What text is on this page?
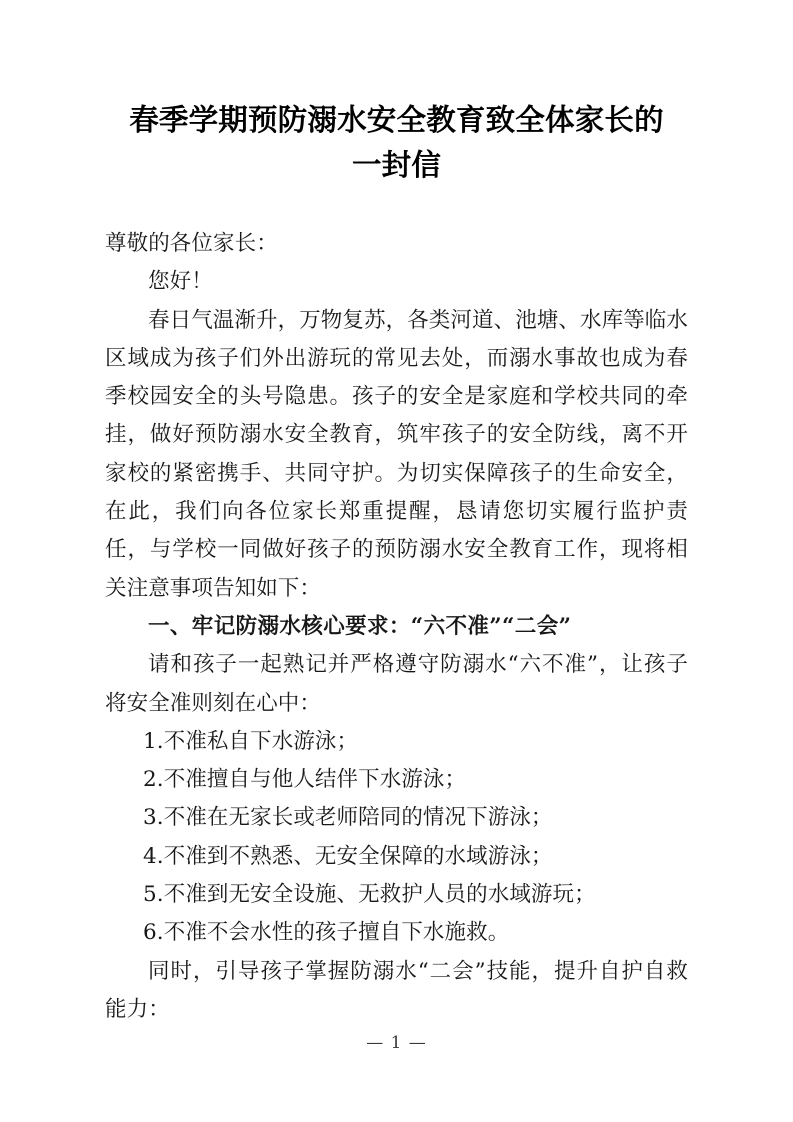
春季学期预防溺水安全教育致全体家长的
一封信

尊敬的各位家长：

您好！

春日气温渐升，万物复苏，各类河道、池塘、水库等临水区域成为孩子们外出游玩的常见去处，而溺水事故也成为春季校园安全的头号隐患。孩子的安全是家庭和学校共同的牵挂，做好预防溺水安全教育，筑牢孩子的安全防线，离不开家校的紧密携手、共同守护。为切实保障孩子的生命安全，在此，我们向各位家长郑重提醒，恳请您切实履行监护责任，与学校一同做好孩子的预防溺水安全教育工作，现将相关注意事项告知如下：

一、牢记防溺水核心要求：“六不准”“二会”

请和孩子一起熟记并严格遵守防溺水“六不准”，让孩子将安全准则刻在心中：

1.不准私自下水游泳；

2.不准擅自与他人结伴下水游泳；

3.不准在无家长或老师陪同的情况下游泳；

4.不准到不熟悉、无安全保障的水域游泳；

5.不准到无安全设施、无救护人员的水域游玩；

6.不准不会水性的孩子擅自下水施救。

同时，引导孩子掌握防溺水“二会”技能，提升自护自救能力：

— 1 —
